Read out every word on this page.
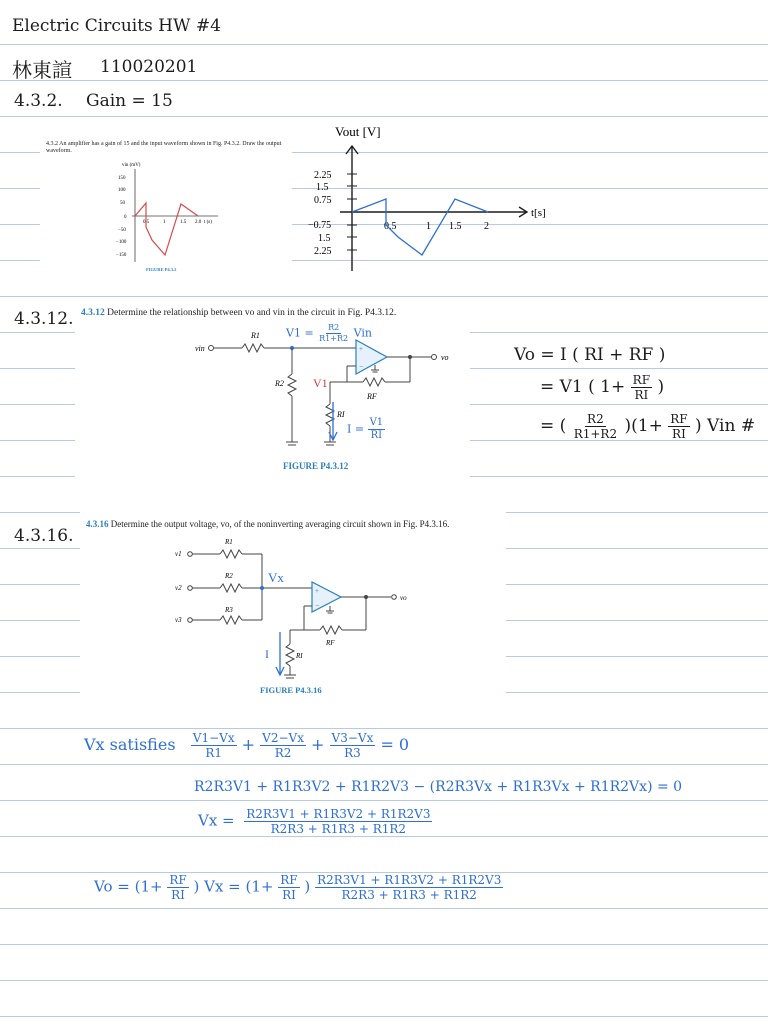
Electric Circuits HW #4
林東諠 110020201
4.3.2. Gain = 15
4.3.2 An amplifier has a gain of 15 and the input waveform shown in Fig. P4.3.2. Draw the output waveform.
vin (mV)
150
100
50
0
−50
−100
−150
0.5	1	1.5 2.0 t (s)
FIGURE P4.3.2
Vout [V]
t[s]
2.25
1.5
0.75
−0.75
1.5
2.25
0.5	1 1.5 2
4.3.12. 4.3.12 Determine the relationship between vo and vin in the circuit in Fig. P4.3.12.
vin
R1
R2
+
−
vo
RF
RI
V1
FIGURE P4.3.12
$V1 = \frac{R2}{R1+R2}$ Vin
$I = \frac{V1}{RI}$
Vo = I ( RI + RF )
= V1 ( $1+ \frac{RF}{RI}$ )
= ( $\frac{R2}{R1+R2} )(1+ \frac{RF}{RI}$ ) Vin #
4.3.16.
4.3.16 Determine the output voltage, vo, of the noninverting averaging circuit shown in Fig. P4.3.16.
v1
R1
v2
R2
v3
R3
+
−
vo
RF
RI
Vx
I
FIGURE P4.3.16
Vx satisfies $\frac{V1-Vx}{R1} + \frac{V2-Vx}{R2} + \frac{V3-Vx}{R3} = 0$
R2R3V1 + R1R3V2 + R1R2V3 − (R2R3Vx + R1R3Vx + R1R2Vx) = 0
$Vx = \frac{R2R3V1 + R1R3V2 + R1R2V3}{R2R3 + R1R3 + R1R2}$
$Vo = (1+ \frac{RF}{RI}$ ) $Vx = (1+ \frac{RF}{RI}$ ) $\frac{R2R3V1 + R1R3V2 + R1R2V3}{R2R3 + R1R3 + R1R2}$
